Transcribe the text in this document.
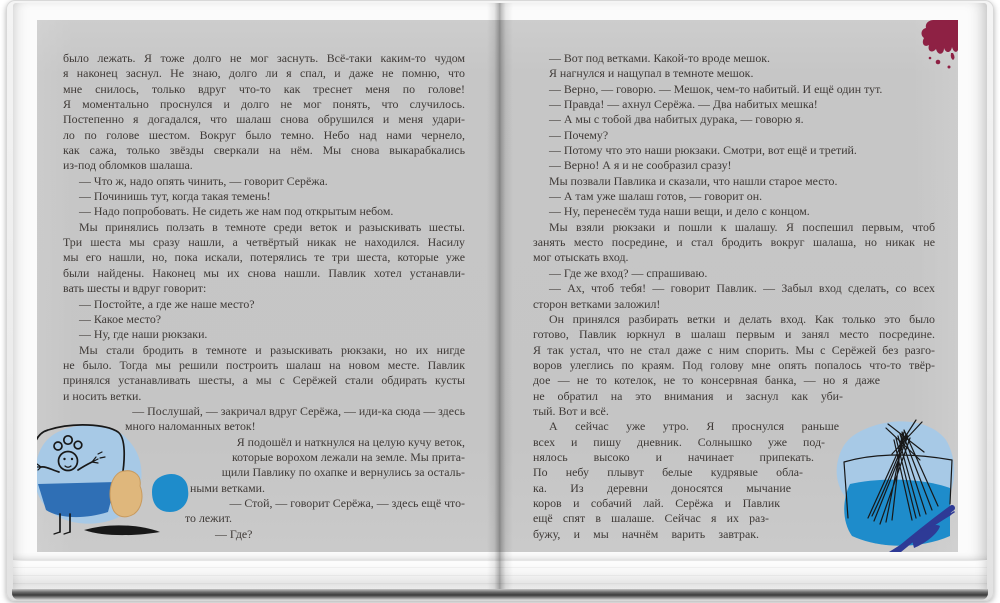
было лежать. Я тоже долго не мог заснуть. Всё-таки каким-то чудом
я наконец заснул. Не знаю, долго ли я спал, и даже не помню, что
мне снилось, только вдруг что-то как треснет меня по голове!
Я моментально проснулся и долго не мог понять, что случилось.
Постепенно я догадался, что шалаш снова обрушился и меня удари-
ло по голове шестом. Вокруг было темно. Небо над нами чернело,
как сажа, только звёзды сверкали на нём. Мы снова выкарабкались
из-под обломков шалаша.
— Что ж, надо опять чинить, — говорит Серёжа.
— Починишь тут, когда такая темень!
— Надо попробовать. Не сидеть же нам под открытым небом.
Мы принялись ползать в темноте среди веток и разыскивать шесты.
Три шеста мы сразу нашли, а четвёртый никак не находился. Насилу
мы его нашли, но, пока искали, потерялись те три шеста, которые уже
были найдены. Наконец мы их снова нашли. Павлик хотел устанавли-
вать шесты и вдруг говорит:
— Постойте, а где же наше место?
— Какое место?
— Ну, где наши рюкзаки.
Мы стали бродить в темноте и разыскивать рюкзаки, но их нигде
не было. Тогда мы решили построить шалаш на новом месте. Павлик
принялся устанавливать шесты, а мы с Серёжей стали обдирать кусты
и носить ветки.
— Послушай, — закричал вдруг Серёжа, — иди-ка сюда — здесь
много наломанных веток!
Я подошёл и наткнулся на целую кучу веток,
которые ворохом лежали на земле. Мы прита-
щили Павлику по охапке и вернулись за осталь-
ными ветками.
— Стой, — говорит Серёжа, — здесь ещё что-
то лежит.
— Где?
— Вот под ветками. Какой-то вроде мешок.
Я нагнулся и нащупал в темноте мешок.
— Верно, — говорю. — Мешок, чем-то набитый. И ещё один тут.
— Правда! — ахнул Серёжа. — Два набитых мешка!
— А мы с тобой два набитых дурака, — говорю я.
— Почему?
— Потому что это наши рюкзаки. Смотри, вот ещё и третий.
— Верно! А я и не сообразил сразу!
Мы позвали Павлика и сказали, что нашли старое место.
— А там уже шалаш готов, — говорит он.
— Ну, перенесём туда наши вещи, и дело с концом.
Мы взяли рюкзаки и пошли к шалашу. Я поспешил первым, чтоб
занять место посредине, и стал бродить вокруг шалаша, но никак не
мог отыскать вход.
— Где же вход? — спрашиваю.
— Ах, чтоб тебя! — говорит Павлик. — Забыл вход сделать, со всех
сторон ветками заложил!
Он принялся разбирать ветки и делать вход. Как только это было
готово, Павлик юркнул в шалаш первым и занял место посредине.
Я так устал, что не стал даже с ним спорить. Мы с Серёжей без разго-
воров улеглись по краям. Под голову мне опять попалось что-то твёр-
дое — не то котелок, не то консервная банка, — но я даже
не обратил на это внимания и заснул как уби-
тый. Вот и всё.
А сейчас уже утро. Я проснулся раньше
всех и пишу дневник. Солнышко уже под-
нялось высоко и начинает припекать.
По небу плывут белые кудрявые обла-
ка. Из деревни доносятся мычание
коров и собачий лай. Серёжа и Павлик
ещё спят в шалаше. Сейчас я их раз-
бужу, и мы начнём варить завтрак.
